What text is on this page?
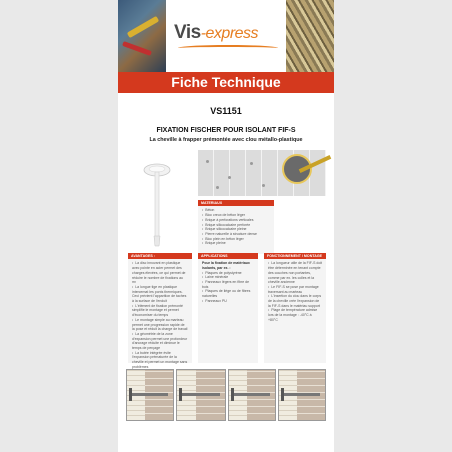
Vis-express
Fiche Technique
VS1151
FIXATION FISCHER POUR ISOLANT FIF-S
La cheville à frapper prémontée avec clou métallo-plastique
MATERIAUX
• Béton
• Bloc creux de béton léger
• Brique à perforations verticales
• Brique silicocalcaire perforée
• Brique silicocalcaire pleine
• Pierre naturelle à structure dense
• Bloc plein en béton léger
• Brique pleine
AVANTAGES :
• La disc innovant en plastique avec pointe en acier permet des charges élevées, ce qui permet de réduire le nombre de fixations au m²
• La longue tige en plastique intercemat les ponts thermiques. Ceci prévient l'apparition de taches à la surface de l'enduit
• L'élément de fixation prémonté simplifie le montage et permet d'économiser du temps
• Le montage simple au marteau permet une progression rapide de la pose et réduit la charge de travail
• La géométrie de la zone d'expansion permet une profondeur d'ancrage réduite et diminue le temps de perçage
• La butée intégrée évite l'expansion prématurée de la cheville et permet un montage sans problèmes
APPLICATIONS
Pour la fixation de matériaux isolants, par ex. :
• Plaques de polystyrène
• Laine minérale
• Panneaux légers en fibre de bois
• Plaques de liège ou de fibres naturelles
• Panneaux PU
FONCTIONNEMENT / MONTAGE
• La longueur utile de la FIF-S doit être déterminée en tenant compte des couches non portantes, comme par ex. les colles et la cheville ancienne
• Le FIF-S se pose par montage traversant au marteau
• L'insertion du clou dans le corps de la cheville crée l'expansion de la FIF-S dans le matériau support
• Plage de température admise lors de la montage : -40°C à +80°C
